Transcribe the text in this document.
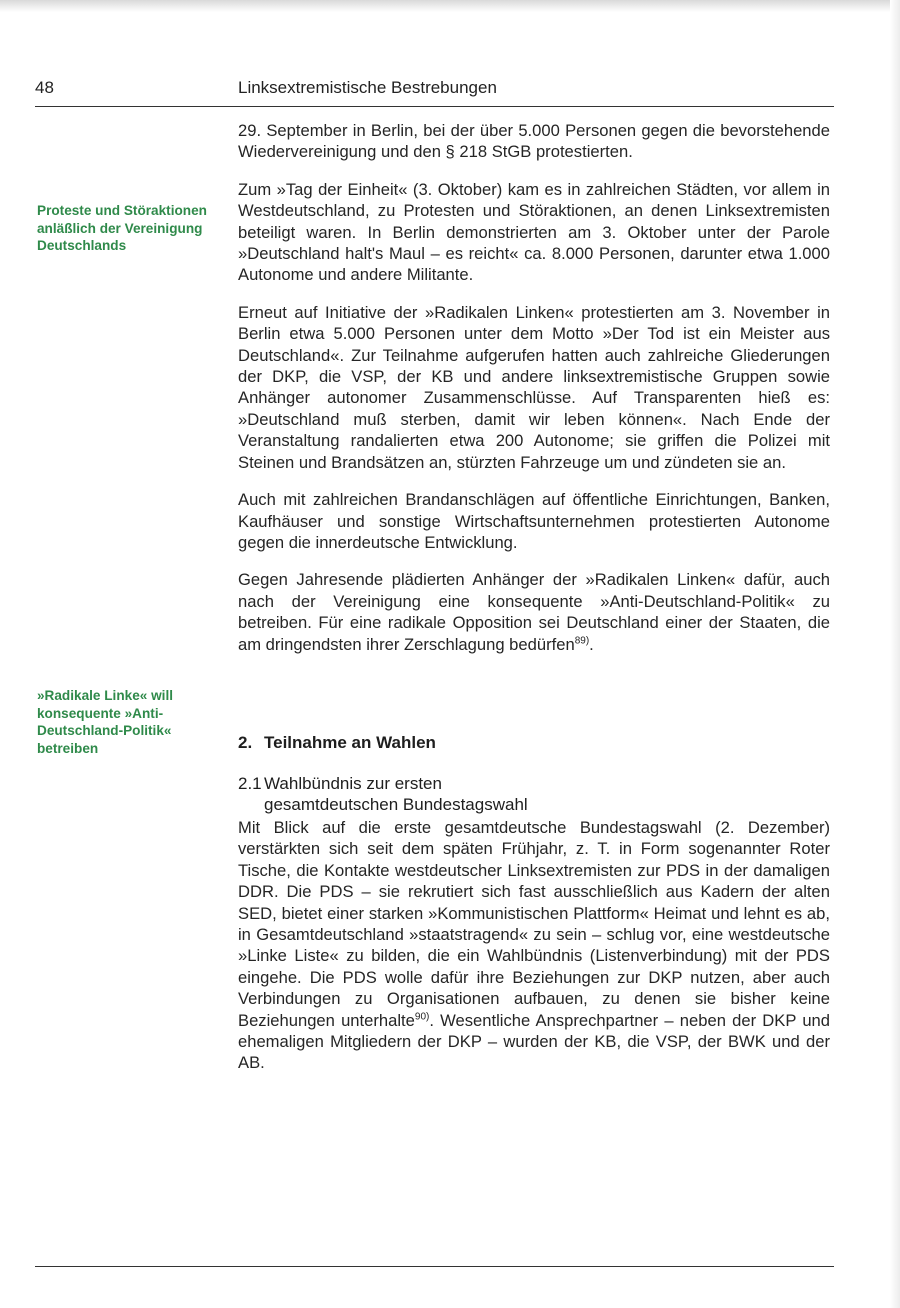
48	Linksextremistische Bestrebungen
Proteste und Störaktionen anläßlich der Vereinigung Deutschlands
»Radikale Linke« will konsequente »Anti-Deutschland-Politik« betreiben

29. September in Berlin, bei der über 5.000 Personen gegen die bevorstehende Wiedervereinigung und den § 218 StGB protestierten.

Zum »Tag der Einheit« (3. Oktober) kam es in zahlreichen Städten, vor allem in Westdeutschland, zu Protesten und Störaktionen, an denen Linksextremisten beteiligt waren. In Berlin demonstrierten am 3. Oktober unter der Parole »Deutschland halt's Maul – es reicht« ca. 8.000 Personen, darunter etwa 1.000 Autonome und andere Militante.

Erneut auf Initiative der »Radikalen Linken« protestierten am 3. November in Berlin etwa 5.000 Personen unter dem Motto »Der Tod ist ein Meister aus Deutschland«. Zur Teilnahme aufgerufen hatten auch zahlreiche Gliederungen der DKP, die VSP, der KB und andere linksextremistische Gruppen sowie Anhänger autonomer Zusammenschlüsse. Auf Transparenten hieß es: »Deutschland muß sterben, damit wir leben können«. Nach Ende der Veranstaltung randalierten etwa 200 Autonome; sie griffen die Polizei mit Steinen und Brandsätzen an, stürzten Fahrzeuge um und zündeten sie an.

Auch mit zahlreichen Brandanschlägen auf öffentliche Einrichtungen, Banken, Kaufhäuser und sonstige Wirtschaftsunternehmen protestierten Autonome gegen die innerdeutsche Entwicklung.

Gegen Jahresende plädierten Anhänger der »Radikalen Linken« dafür, auch nach der Vereinigung eine konsequente »Anti-Deutschland-Politik« zu betreiben. Für eine radikale Opposition sei Deutschland einer der Staaten, die am dringendsten ihrer Zerschlagung bedürfen$^{89)}$.

2. Teilnahme an Wahlen
2.1 Wahlbündnis zur ersten
gesamtdeutschen Bundestagswahl

Mit Blick auf die erste gesamtdeutsche Bundestagswahl (2. Dezember) verstärkten sich seit dem späten Frühjahr, z. T. in Form sogenannter Roter Tische, die Kontakte westdeutscher Linksextremisten zur PDS in der damaligen DDR. Die PDS – sie rekrutiert sich fast ausschließlich aus Kadern der alten SED, bietet einer starken »Kommunistischen Plattform« Heimat und lehnt es ab, in Gesamtdeutschland »staatstragend« zu sein – schlug vor, eine westdeutsche »Linke Liste« zu bilden, die ein Wahlbündnis (Listenverbindung) mit der PDS eingehe. Die PDS wolle dafür ihre Beziehungen zur DKP nutzen, aber auch Verbindungen zu Organisationen aufbauen, zu denen sie bisher keine Beziehungen unterhalte$^{90)}$. Wesentliche Ansprechpartner – neben der DKP und ehemaligen Mitgliedern der DKP – wurden der KB, die VSP, der BWK und der AB.
